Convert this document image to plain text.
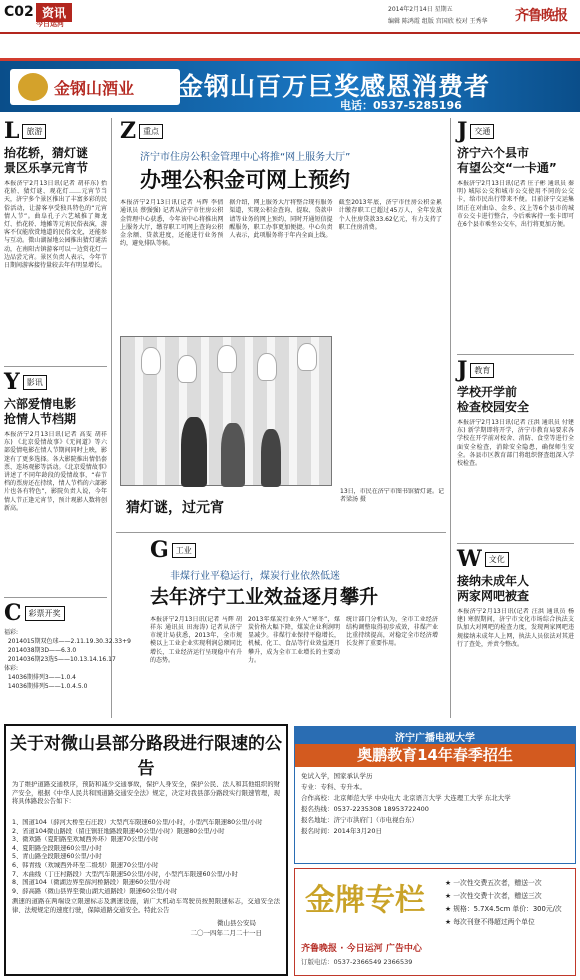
C02 资讯
今日运河
2014年2月14日 星期五
编辑 陈鸿霞 组版 宫国欣 校对 王秀华	齐鲁晚报
金钢山酒业	金钢山百万巨奖感恩消费者
电话：0537-5285196
L 旅游
抬花轿，猜灯谜
景区乐享元宵节
本报济宁2月13日讯(记者 胡祥东) 抬花轿、猜灯谜、观花灯……元宵节当天，济宁多个景区推出了丰富多彩的民俗活动，让游客享受独具特色的“元宵情人节”。曲阜孔子六艺城推了舞龙灯、抬花轿、地摊等元宵民俗表演，游客不仅能欣赏地道的民俗文化，还能参与互动。微山湖湿地公园推出猜灯谜活动，在南阳古镇游客可以一边赏花灯一边品尝元宵。景区负责人表示，今年节日期间游客接待量较去年有明显增长。
Y 影讯
六部爱情电影
抢情人节档期
本报济宁2月13日讯(记者 高雯 胡祥东) 《北京爱情故事》《无间道》等六部爱情电影在情人节期间同时上映，影迷有了更多选择。各大影院推出情侣套票、连场观影等活动。《北京爱情故事》讲述了不同年龄段的爱情故事，“春节档的票房还在持续，情人节档的六部影片也各有特色”，影院负责人说，今年情人节正逢元宵节，预计观影人数将创新高。
C 彩票开奖
福彩:
2014015期双色球——2.11.19.30.32.33+9
2014038期3D——6.3.0
2014036期23选5——10.13.14.16.17
体彩:
14036期排列3——1.0.4
14036期排列5——1.0.4.5.0
Z 重点
济宁市住房公积金管理中心将推“网上服务大厅”
办理公积金可网上预约
本报济宁2月13日讯(记者 马辉 李倩 通讯员 蔡强强) 记者从济宁市住房公积金管理中心获悉，今年该中心将推出网上服务大厅，缴存职工可网上查询公积金余额、贷款进度，还能进行业务预约，避免排队等候。
据介绍，网上服务大厅将整合现有服务渠道，实现公积金查询、提取、贷款申请等业务的网上预约，同时开通短信提醒服务，职工办事更加便捷。中心负责人表示，此项服务将于年内全面上线。
截至2013年底，济宁市住房公积金累计缴存职工已超过45万人，全年发放个人住房贷款33.62亿元，有力支持了职工住房消费。
猜灯谜，过元宵
13日，市民在济宁市图书馆猜灯谜。记者梁汤 摄
G 工业
非煤行业平稳运行，煤炭行业依然低迷
去年济宁工业效益逐月攀升
本报济宁2月13日讯(记者 马辉 胡祥东 通讯员 田海涛) 记者从济宁市统计局获悉，2013年，全市规模以上工业企业实现利润总额同比增长，工业经济运行呈现稳中有升的态势。
2013年煤炭行业外入“寒冬”，煤炭价格大幅下降，煤炭企业利润明显减少。非煤行业保持平稳增长，机械、化工、食品等行业效益逐月攀升，成为全市工业增长的主要动力。
统计部门分析认为，全市工业经济结构调整取得初步成效，非煤产业比重持续提高，对稳定全市经济增长发挥了重要作用。
J 交通
济宁六个县市
有望公交“一卡通”
本报济宁2月13日讯(记者 庄子彬 通讯员 秦明) 城际公交和城市公交使用不同的公交卡，给市民出行带来不便。目前济宁交运集团正在对曲阜、金乡、汶上等6个县市的城市公交卡进行整合，今后乘客持一张卡即可在6个县市乘坐公交车，出行将更加方便。
J 教育
学校开学前
检查校园安全
本报济宁2月13日讯(记者 汪洪 通讯员 付建东) 新学期即将开学，济宁市教育局要求各学校在开学前对校舍、消防、食堂等进行全面安全检查，消除安全隐患，确保师生安全。各县市区教育部门将组织督查组深入学校检查。
W 文化
接纳未成年人
两家网吧被查
本报济宁2月13日讯(记者 汪洪 通讯员 杨建) 寒假期间，济宁市文化市场综合执法支队加大对网吧的检查力度，发现两家网吧违规接纳未成年人上网，执法人员依法对其进行了查处，并责令整改。
关于对微山县部分路段进行限速的公告
为了维护道路交通秩序，预防和减少交通事故，保护人身安全，保护公民、法人和其他组织的财产安全，根据《中华人民共和国道路交通安全法》规定，决定对我县部分路段实行限速管理，现将具体路段公告如下：
1、国道104（薛河大桥至石庄段）大型汽车限速60公里/小时，小型汽车限速80公里/小时
2、省道104微山路段（留庄镇驻地路段限速40公里/小时）限速80公里/小时
3、微欢路（夏阳路至欢城西外环）限速70公里/小时
4、夏阳路全段限速60公里/小时
5、青山路全段限速60公里/小时
6、韩青线（欢城西外环至二级坝）限速70公里/小时
7、木曲线（丁庄村路段）大型汽车限速50公里/小时，小型汽车限速60公里/小时
8、国道104（微湖边界至薛河桥路段）限速60公里/小时
9、薛高路（微山县界至微山湖大道路段）限速60公里/小时
测速的道路在两端设立限速标志及测速设施，请广大机动车驾驶员按照限速标志，交通安全法律、法规规定的速度行驶，保障道路交通安全。特此公告
微山县公安局
二〇一四年二月二十一日
济宁广播电视大学
奥鹏教育14年春季招生
免试入学，国家承认学历
专业：专科、专升本。
合作高校：北京师范大学 中央电大 北京语言大学 大连理工大学 东北大学
报名热线：0537-2235308 18953722400
报名地址：济宁市洪府门（市电视台东）
报名时间：2014年3月20日
金牌专栏	★ 一次性交费五次者，赠送一次
★ 一次性交费十次者，赠送三次
★ 规格：5.7X4.5cm 单价：300元/次
★ 每次刊登不得超过两个单位
齐鲁晚报 · 今日运河 广告中心
订版电话：0537-2366549 2366539
